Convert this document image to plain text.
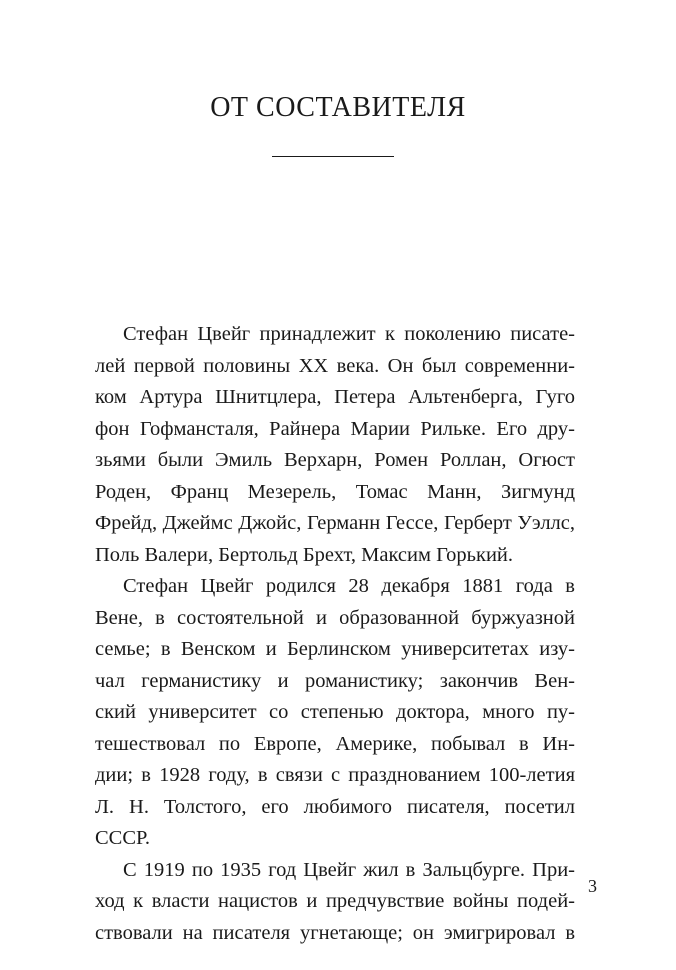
ОТ СОСТАВИТЕЛЯ

Стефан Цвейг принадлежит к поколению писате-
лей первой половины XX века. Он был современни-
ком Артура Шнитцлера, Петера Альтенберга, Гуго
фон Гофмансталя, Райнера Марии Рильке. Его дру-
зьями были Эмиль Верхарн, Ромен Роллан, Огюст
Роден, Франц Мезерель, Томас Манн, Зигмунд
Фрейд, Джеймс Джойс, Германн Гессе, Герберт Уэллс,
Поль Валери, Бертольд Брехт, Максим Горький.

Стефан Цвейг родился 28 декабря 1881 года в
Вене, в состоятельной и образованной буржуазной
семье; в Венском и Берлинском университетах изу-
чал германистику и романистику; закончив Вен-
ский университет со степенью доктора, много пу-
тешествовал по Европе, Америке, побывал в Ин-
дии; в 1928 году, в связи с празднованием 100-летия
Л. Н. Толстого, его любимого писателя, посетил
СССР.

С 1919 по 1935 год Цвейг жил в Зальцбурге. При-
ход к власти нацистов и предчувствие войны подей-
ствовали на писателя угнетающе; он эмигрировал в

3
